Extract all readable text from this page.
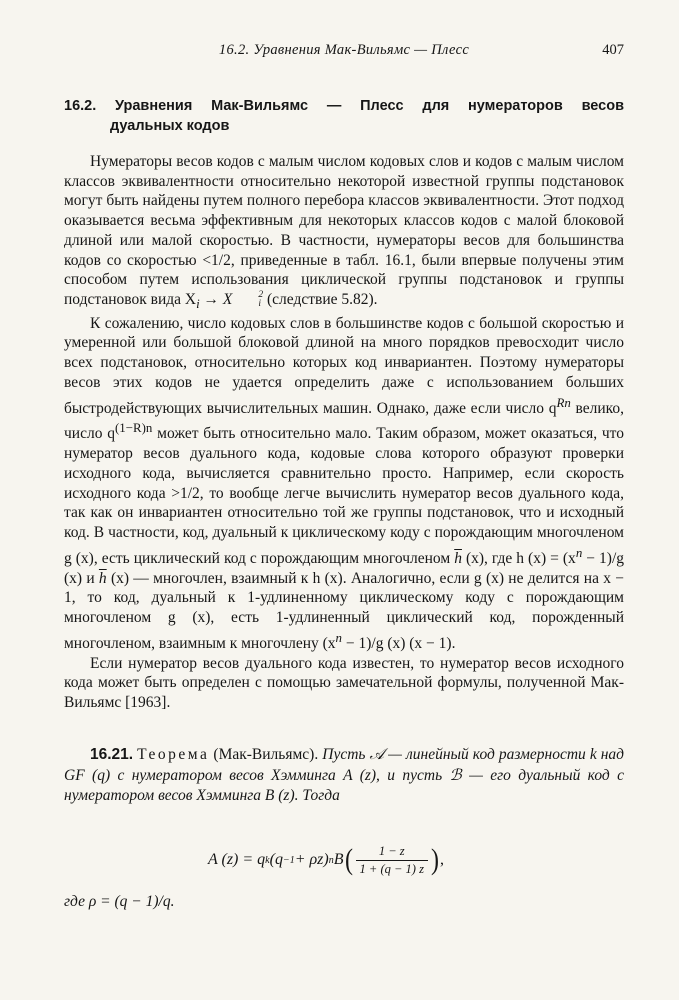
16.2. Уравнения Мак-Вильямс — Плесс	407
16.2. Уравнения Мак-Вильямс — Плесс для нумераторов весов
дуальных кодов

Нумераторы весов кодов с малым числом кодовых слов и кодов с малым числом классов эквивалентности относительно некоторой известной группы подстановок могут быть найдены путем полного перебора классов эквивалентности. Этот подход оказывается весьма эффективным для некоторых классов кодов с малой блоковой длиной или малой скоростью. В частности, нумераторы весов для большинства кодов со скоростью <1/2, приведенные в табл. 16.1, были впервые получены этим способом путем использования циклической группы подстановок и группы подстановок вида $X_i \to X$	2
i (следствие 5.82).

К сожалению, число кодовых слов в большинстве кодов с большой скоростью и умеренной или большой блоковой длиной на много порядков превосходит число всех подстановок, относительно которых код инвариантен. Поэтому нумераторы весов этих кодов не удается определить даже с использованием больших быстродействующих вычислительных машин. Однако, даже если число $q^{Rn}$ велико, число $q^{(1-R)n}$ может быть относительно мало. Таким образом, может оказаться, что нумератор весов дуального кода, кодовые слова которого образуют проверки исходного кода, вычисляется сравнительно просто. Например, если скорость исходного кода >1/2, то вообще легче вычислить нумератор весов дуального кода, так как он инвариантен относительно той же группы подстановок, что и исходный код. В частности, код, дуальный к циклическому коду с порождающим многочленом g (x), есть циклический код с порождающим многочленом $\overline{h}$ (x), где h $(x) = (x^n - 1)/g$ (x) и $\overline{h}$ (x) — многочлен, взаимный к h (x). Аналогично, если g (x) не делится на x − 1, то код, дуальный к 1-удлиненному циклическому коду с порождающим многочленом g (x), есть 1-удлиненный циклический код, порожденный многочленом, взаимным к многочлену $(x^n - 1)/g$ (x) (x − 1).

Если нумератор весов дуального кода известен, то нумератор весов исходного кода может быть определен с помощью замечательной формулы, полученной Мак-Вильямс [1963].

16.21. Теорема (Мак-Вильямс). Пусть 𝒜 — линейный код размерности k над GF (q) с нумератором весов Хэмминга A (z), и пусть ℬ — его дуальный код с нумератором весов Хэмминга B (z). Тогда

A (z) = q k (q −1 + ρz) n B ( $\frac{1 - z}{1 + (q - 1) z}$ ) ,
где ρ = (q − 1)/q.
